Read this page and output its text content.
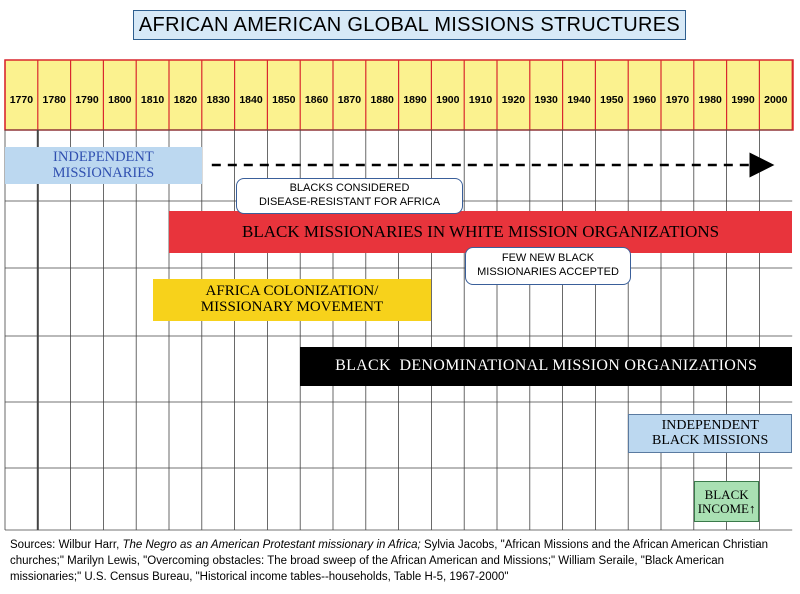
AFRICAN AMERICAN GLOBAL MISSIONS STRUCTURES
1770 1780 1790 1800 1810 1820 1830 1840 1850 1860 1870 1880 1890 1900 1910 1920 1930 1940 1950 1960 1970 1980 1990 2000
INDEPENDENT
MISSIONARIES
BLACK MISSIONARIES IN WHITE MISSION ORGANIZATIONS
AFRICA COLONIZATION/
MISSIONARY MOVEMENT
BLACK  DENOMINATIONAL MISSION ORGANIZATIONS
INDEPENDENT
BLACK MISSIONS
BLACK
INCOME↑
BLACKS CONSIDERED
DISEASE-RESISTANT FOR AFRICA
FEW NEW BLACK
MISSIONARIES ACCEPTED
Sources: Wilbur Harr, The Negro as an American Protestant missionary in Africa; Sylvia Jacobs, "African Missions and the African American Christian churches;" Marilyn Lewis, "Overcoming obstacles: The broad sweep of the African American and Missions;" William Seraile, "Black American missionaries;" U.S. Census Bureau, "Historical income tables--households, Table H-5, 1967-2000"
